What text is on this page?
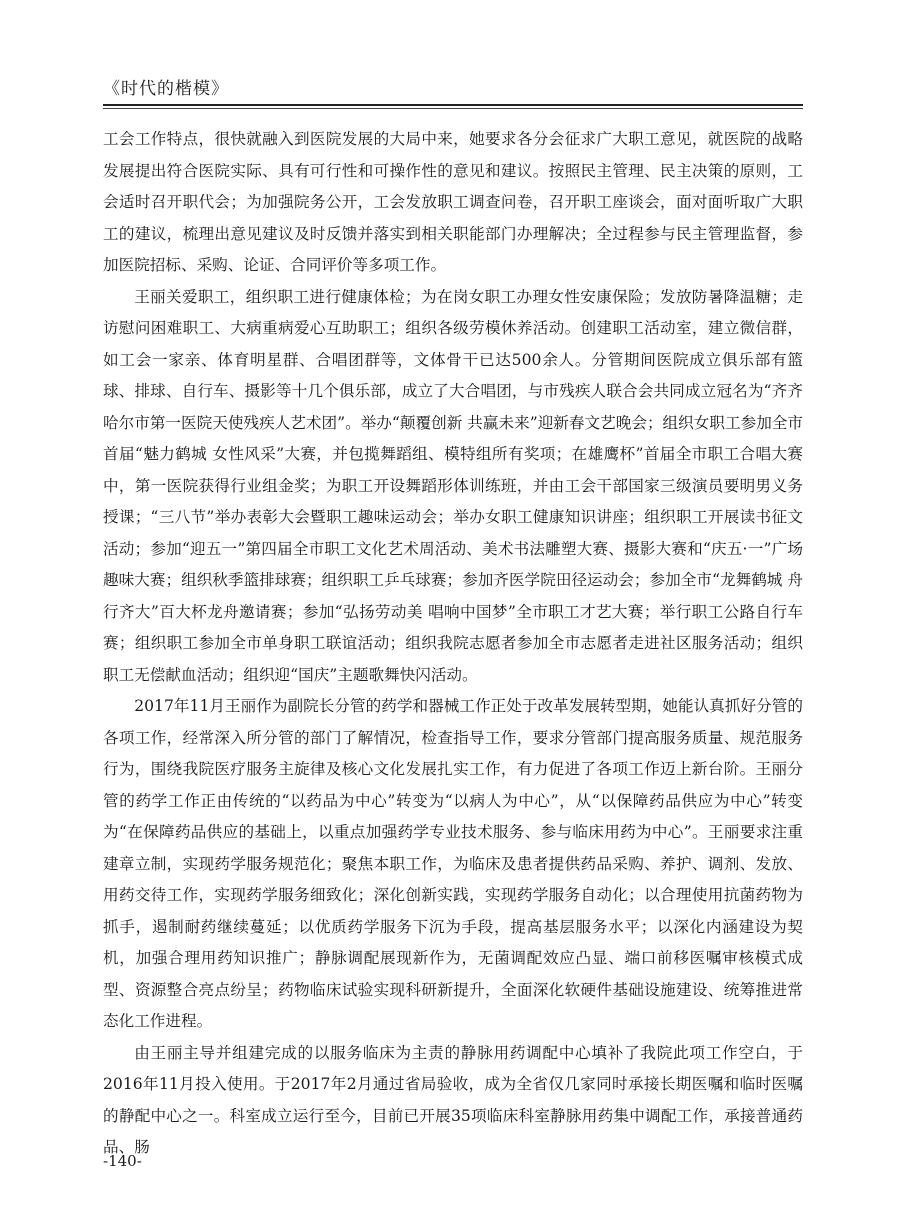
《时代的楷模》

工会工作特点，很快就融入到医院发展的大局中来，她要求各分会征求广大职工意见，就医院的战略发展提出符合医院实际、具有可行性和可操作性的意见和建议。按照民主管理、民主决策的原则，工会适时召开职代会；为加强院务公开，工会发放职工调查问卷，召开职工座谈会，面对面听取广大职工的建议，梳理出意见建议及时反馈并落实到相关职能部门办理解决；全过程参与民主管理监督，参加医院招标、采购、论证、合同评价等多项工作。

王丽关爱职工，组织职工进行健康体检；为在岗女职工办理女性安康保险；发放防暑降温糖；走访慰问困难职工、大病重病爱心互助职工；组织各级劳模休养活动。创建职工活动室，建立微信群，如工会一家亲、体育明星群、合唱团群等，文体骨干已达500余人。分管期间医院成立俱乐部有篮球、排球、自行车、摄影等十几个俱乐部，成立了大合唱团，与市残疾人联合会共同成立冠名为“齐齐哈尔市第一医院天使残疾人艺术团”。举办“颠覆创新 共赢未来”迎新春文艺晚会；组织女职工参加全市首届“魅力鹤城 女性风采”大赛，并包揽舞蹈组、模特组所有奖项；在雄鹰杯”首届全市职工合唱大赛中，第一医院获得行业组金奖；为职工开设舞蹈形体训练班，并由工会干部国家三级演员要明男义务授课；“三八节”举办表彰大会暨职工趣味运动会；举办女职工健康知识讲座；组织职工开展读书征文活动；参加“迎五一”第四届全市职工文化艺术周活动、美术书法雕塑大赛、摄影大赛和“庆五·一”广场趣味大赛；组织秋季篮排球赛；组织职工乒乓球赛；参加齐医学院田径运动会；参加全市“龙舞鹤城 舟行齐大”百大杯龙舟邀请赛；参加“弘扬劳动美 唱响中国梦”全市职工才艺大赛；举行职工公路自行车赛；组织职工参加全市单身职工联谊活动；组织我院志愿者参加全市志愿者走进社区服务活动；组织职工无偿献血活动；组织迎“国庆”主题歌舞快闪活动。

2017年11月王丽作为副院长分管的药学和器械工作正处于改革发展转型期，她能认真抓好分管的各项工作，经常深入所分管的部门了解情况，检查指导工作，要求分管部门提高服务质量、规范服务行为，围绕我院医疗服务主旋律及核心文化发展扎实工作，有力促进了各项工作迈上新台阶。王丽分管的药学工作正由传统的“以药品为中心”转变为“以病人为中心”，从“以保障药品供应为中心”转变为“在保障药品供应的基础上，以重点加强药学专业技术服务、参与临床用药为中心”。王丽要求注重建章立制，实现药学服务规范化；聚焦本职工作，为临床及患者提供药品采购、养护、调剂、发放、用药交待工作，实现药学服务细致化；深化创新实践，实现药学服务自动化；以合理使用抗菌药物为抓手，遏制耐药继续蔓延；以优质药学服务下沉为手段，提高基层服务水平；以深化内涵建设为契机，加强合理用药知识推广；静脉调配展现新作为，无菌调配效应凸显、端口前移医嘱审核模式成型、资源整合亮点纷呈；药物临床试验实现科研新提升，全面深化软硬件基础设施建设、统筹推进常态化工作进程。

由王丽主导并组建完成的以服务临床为主责的静脉用药调配中心填补了我院此项工作空白，于2016年11月投入使用。于2017年2月通过省局验收，成为全省仅几家同时承接长期医嘱和临时医嘱的静配中心之一。科室成立运行至今，目前已开展35项临床科室静脉用药集中调配工作，承接普通药品、肠

-140-
